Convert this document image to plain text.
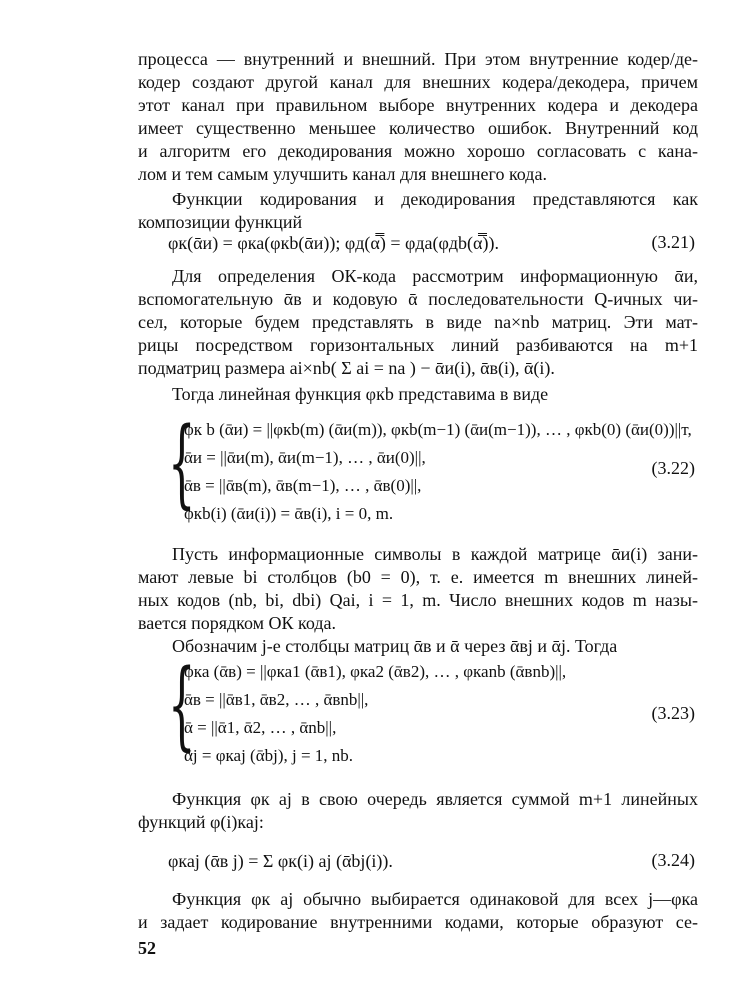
процесса — внутренний и внешний. При этом внутренние кодер/де-
кодер создают другой канал для внешних кодера/декодера, причем
этот канал при правильном выборе внутренних кодера и декодера
имеет существенно меньшее количество ошибок. Внутренний код
и алгоритм его декодирования можно хорошо согласовать с кана-
лом и тем самым улучшить канал для внешнего кода.
Функции кодирования и декодирования представляются как
композиции функций
φк(ᾱи) = φка(φкb(ᾱи)); φд(α̿) = φда(φдb(α̿)).	(3.21)
Для определения ОК-кода рассмотрим информационную ᾱи,
вспомогательную ᾱв и кодовую ᾱ последовательности Q-ичных чи-
сел, которые будем представлять в виде na×nb матриц. Эти мат-
рицы посредством горизонтальных линий разбиваются на m+1
подматриц размера ai×nb( Σ ai = na ) − ᾱи(i), ᾱв(i), ᾱ(i).
Тогда линейная функция φкb представима в виде
{
φк b (ᾱи) = ||φкb(m) (ᾱи(m)), φкb(m−1) (ᾱи(m−1)), … , φкb(0) (ᾱи(0))||т,
ᾱи = ||ᾱи(m), ᾱи(m−1), … , ᾱи(0)||,
ᾱв = ||ᾱв(m), ᾱв(m−1), … , ᾱв(0)||,
φкb(i) (ᾱи(i)) = ᾱв(i), i = 0, m.
(3.22)
Пусть информационные символы в каждой матрице ᾱи(i) зани-
мают левые bi столбцов (b0 = 0), т. е. имеется m внешних линей-
ных кодов (nb, bi, dbi) Qai, i = 1, m. Число внешних кодов m назы-
вается порядком ОК кода.
Обозначим j-е столбцы матриц ᾱв и ᾱ через ᾱвj и ᾱj. Тогда
{
φка (ᾱв) = ||φка1 (ᾱв1), φка2 (ᾱв2), … , φкаnb (ᾱвnb)||,
ᾱв = ||ᾱв1, ᾱв2, … , ᾱвnb||,
ᾱ = ||ᾱ1, ᾱ2, … , ᾱnb||,
ᾱj = φкаj (ᾱbj), j = 1, nb.
(3.23)
Функция φк аj в свою очередь является суммой m+1 линейных
функций φ(i)каj:
φкаj (ᾱв j) = Σ φк(i) аj (ᾱbj(i)).	(3.24)
Функция φк аj обычно выбирается одинаковой для всех j—φка
и задает кодирование внутренними кодами, которые образуют се-
52
